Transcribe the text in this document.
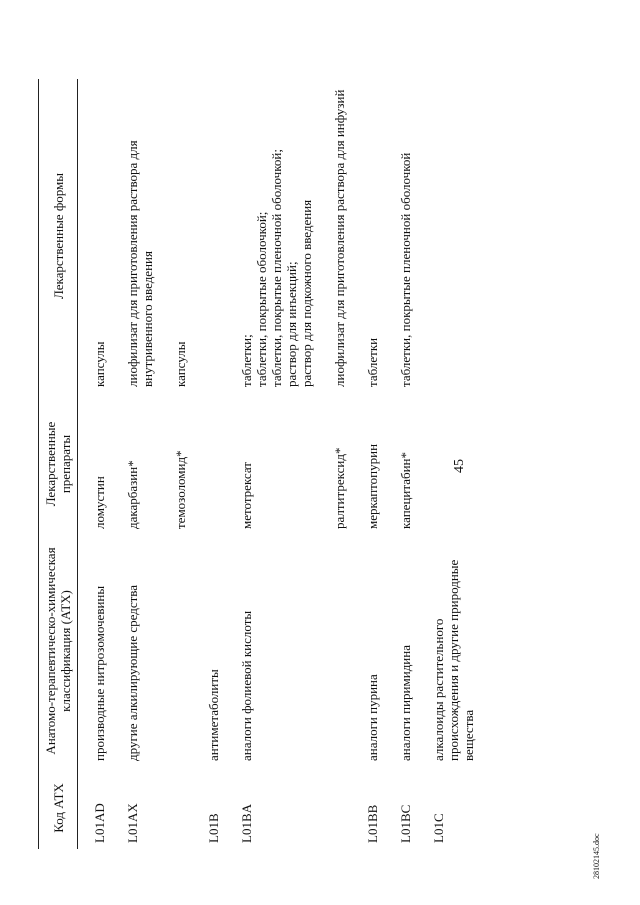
45
Код АТХ	Анатомо-терапевтическо-химическая классификация (АТХ)	Лекарственные препараты	Лекарственные формы
L01AD	производные нитрозомочевины	ломустин	капсулы
L01AX	другие алкилирующие средства	дакарбазин*	лиофилизат для приготовления раствора для внутривенного введения
		темозоломид*	капсулы
L01B	антиметаболиты		
L01BA	аналоги фолиевой кислоты	метотрексат	таблетки;
таблетки, покрытые оболочкой;
таблетки, покрытые пленочной оболочкой;
раствор для инъекций;
раствор для подкожного введения
		ралтитрексид*	лиофилизат для приготовления раствора для инфузий
L01BB	аналоги пурина	меркаптопурин	таблетки
L01BC	аналоги пиримидина	капецитабин*	таблетки, покрытые пленочной оболочкой
L01C	алкалоиды растительного происхождения и другие природные вещества		
28102145.doc
